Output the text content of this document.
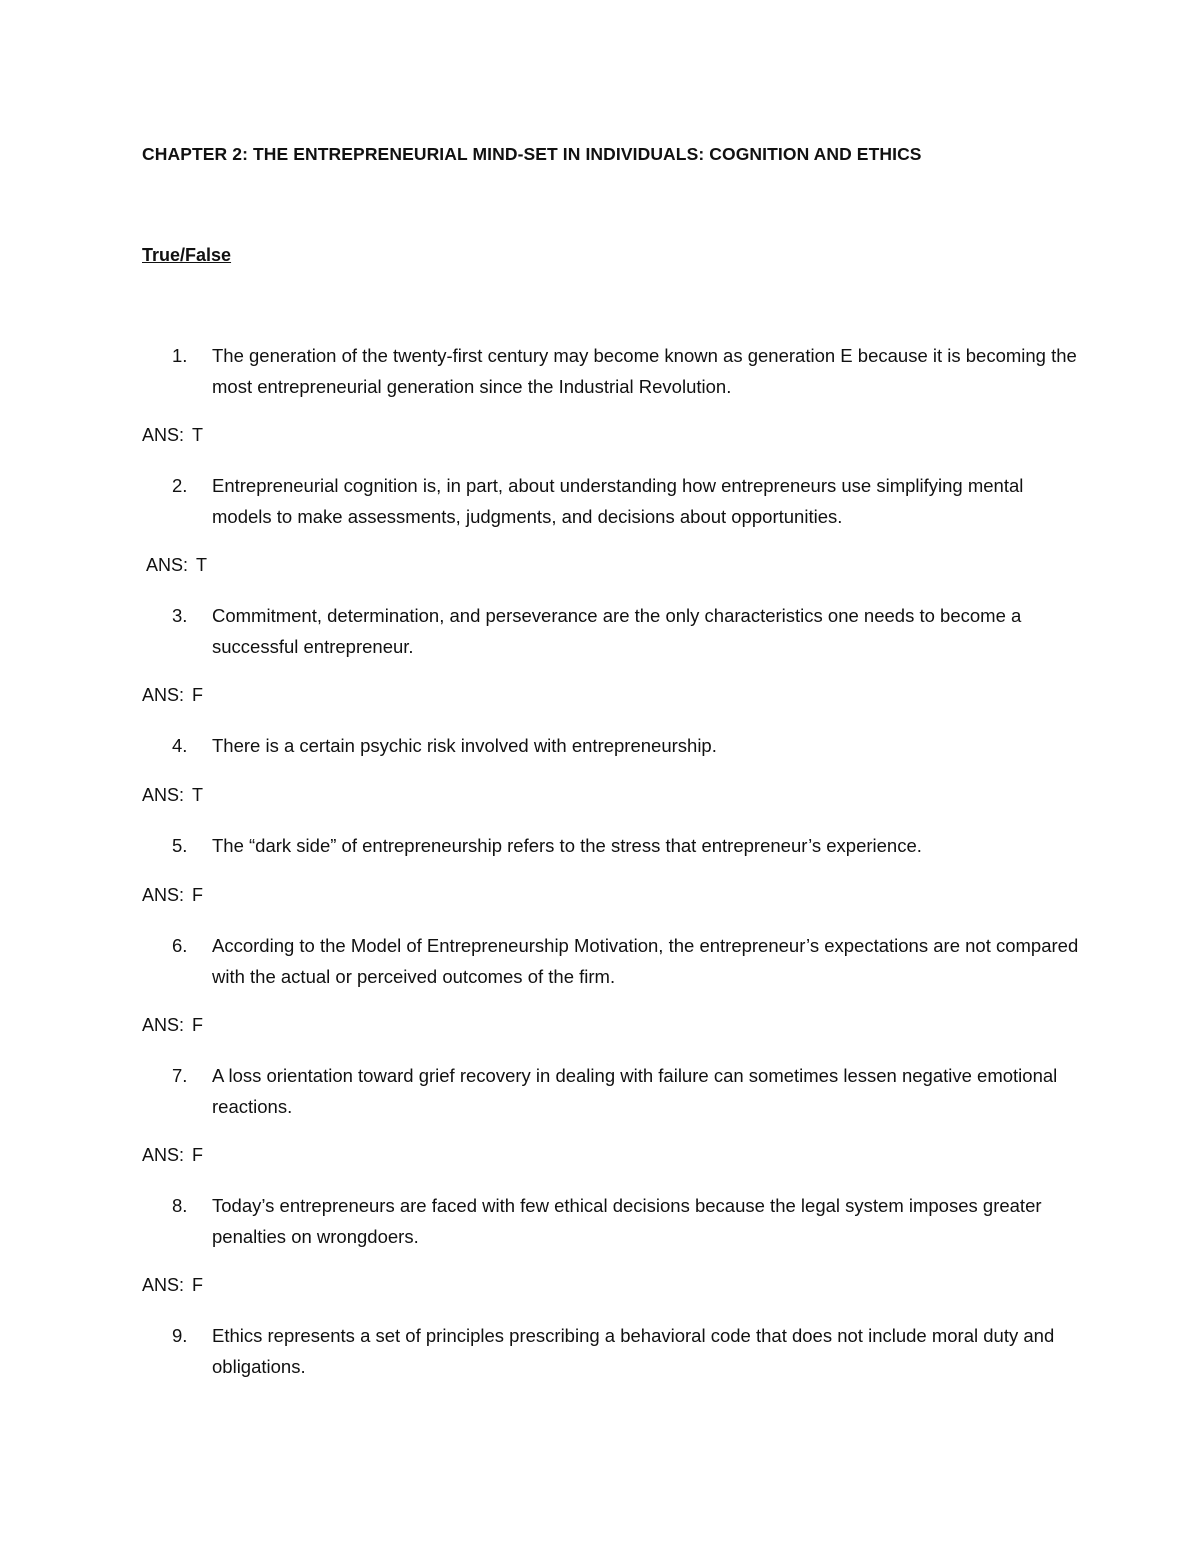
CHAPTER 2: THE ENTREPRENEURIAL MIND-SET IN INDIVIDUALS: COGNITION AND ETHICS
True/False
1.	The generation of the twenty-first century may become known as generation E because it is becoming the most entrepreneurial generation since the Industrial Revolution.
ANS: T
2.	Entrepreneurial cognition is, in part, about understanding how entrepreneurs use simplifying mental models to make assessments, judgments, and decisions about opportunities.
ANS: T
3.	Commitment, determination, and perseverance are the only characteristics one needs to become a successful entrepreneur.
ANS: F
4.	There is a certain psychic risk involved with entrepreneurship.
ANS: T
5.	The “dark side” of entrepreneurship refers to the stress that entrepreneur’s experience.
ANS: F
6.	According to the Model of Entrepreneurship Motivation, the entrepreneur’s expectations are not compared with the actual or perceived outcomes of the firm.
ANS: F
7.	A loss orientation toward grief recovery in dealing with failure can sometimes lessen negative emotional reactions.
ANS: F
8.	Today’s entrepreneurs are faced with few ethical decisions because the legal system imposes greater penalties on wrongdoers.
ANS: F
9.	Ethics represents a set of principles prescribing a behavioral code that does not include moral duty and obligations.
